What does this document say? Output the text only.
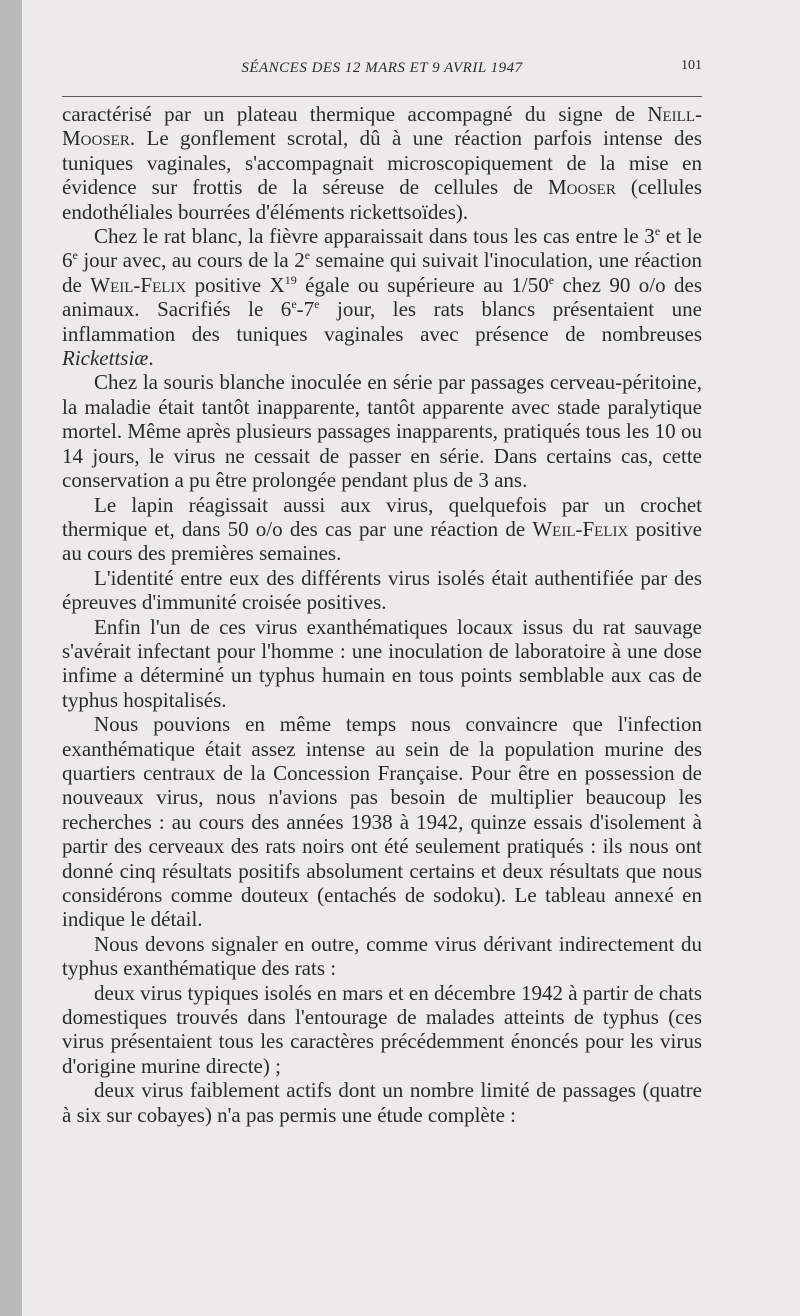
SÉANCES DES 12 MARS ET 9 AVRIL 1947	101

caractérisé par un plateau thermique accompagné du signe de Neill-Mooser. Le gonflement scrotal, dû à une réaction parfois intense des tuniques vaginales, s'accompagnait microscopiquement de la mise en évidence sur frottis de la séreuse de cellules de Mooser (cellules endothéliales bourrées d'éléments rickettsoïdes).

Chez le rat blanc, la fièvre apparaissait dans tous les cas entre le 3e et le 6e jour avec, au cours de la 2e semaine qui suivait l'inoculation, une réaction de Weil-Felix positive $X^{19}$ égale ou supérieure au 1/50e chez 90 o/o des animaux. Sacrifiés le 6e-7e jour, les rats blancs présentaient une inflammation des tuniques vaginales avec présence de nombreuses Rickettsiæ.

Chez la souris blanche inoculée en série par passages cerveau-péritoine, la maladie était tantôt inapparente, tantôt apparente avec stade paralytique mortel. Même après plusieurs passages inapparents, pratiqués tous les 10 ou 14 jours, le virus ne cessait de passer en série. Dans certains cas, cette conservation a pu être prolongée pendant plus de 3 ans.

Le lapin réagissait aussi aux virus, quelquefois par un crochet thermique et, dans 50 o/o des cas par une réaction de Weil-Felix positive au cours des premières semaines.

L'identité entre eux des différents virus isolés était authentifiée par des épreuves d'immunité croisée positives.

Enfin l'un de ces virus exanthématiques locaux issus du rat sauvage s'avérait infectant pour l'homme : une inoculation de laboratoire à une dose infime a déterminé un typhus humain en tous points semblable aux cas de typhus hospitalisés.

Nous pouvions en même temps nous convaincre que l'infection exanthématique était assez intense au sein de la population murine des quartiers centraux de la Concession Française. Pour être en possession de nouveaux virus, nous n'avions pas besoin de multiplier beaucoup les recherches : au cours des années 1938 à 1942, quinze essais d'isolement à partir des cerveaux des rats noirs ont été seulement pratiqués : ils nous ont donné cinq résultats positifs absolument certains et deux résultats que nous considérons comme douteux (entachés de sodoku). Le tableau annexé en indique le détail.

Nous devons signaler en outre, comme virus dérivant indirectement du typhus exanthématique des rats :

deux virus typiques isolés en mars et en décembre 1942 à partir de chats domestiques trouvés dans l'entourage de malades atteints de typhus (ces virus présentaient tous les caractères précédemment énoncés pour les virus d'origine murine directe) ;

deux virus faiblement actifs dont un nombre limité de passages (quatre à six sur cobayes) n'a pas permis une étude complète :
